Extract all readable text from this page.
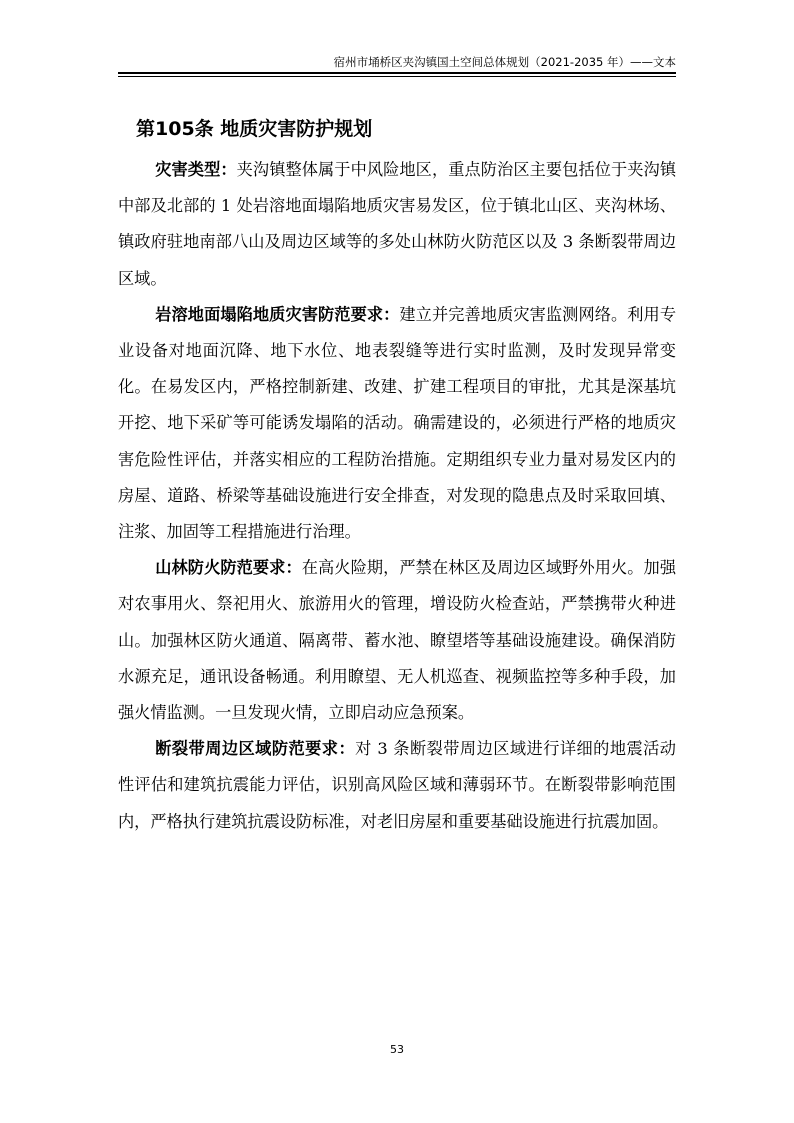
宿州市埇桥区夹沟镇国土空间总体规划（2021-2035 年）——文本
第105条 地质灾害防护规划

灾害类型：夹沟镇整体属于中风险地区，重点防治区主要包括位于夹沟镇中部及北部的 1 处岩溶地面塌陷地质灾害易发区，位于镇北山区、夹沟林场、镇政府驻地南部八山及周边区域等的多处山林防火防范区以及 3 条断裂带周边区域。

岩溶地面塌陷地质灾害防范要求：建立并完善地质灾害监测网络。利用专业设备对地面沉降、地下水位、地表裂缝等进行实时监测，及时发现异常变化。在易发区内，严格控制新建、改建、扩建工程项目的审批，尤其是深基坑开挖、地下采矿等可能诱发塌陷的活动。确需建设的，必须进行严格的地质灾害危险性评估，并落实相应的工程防治措施。定期组织专业力量对易发区内的房屋、道路、桥梁等基础设施进行安全排查，对发现的隐患点及时采取回填、注浆、加固等工程措施进行治理。

山林防火防范要求：在高火险期，严禁在林区及周边区域野外用火。加强对农事用火、祭祀用火、旅游用火的管理，增设防火检查站，严禁携带火种进山。加强林区防火通道、隔离带、蓄水池、瞭望塔等基础设施建设。确保消防水源充足，通讯设备畅通。利用瞭望、无人机巡查、视频监控等多种手段，加强火情监测。一旦发现火情，立即启动应急预案。

断裂带周边区域防范要求：对 3 条断裂带周边区域进行详细的地震活动性评估和建筑抗震能力评估，识别高风险区域和薄弱环节。在断裂带影响范围内，严格执行建筑抗震设防标准，对老旧房屋和重要基础设施进行抗震加固。

53
